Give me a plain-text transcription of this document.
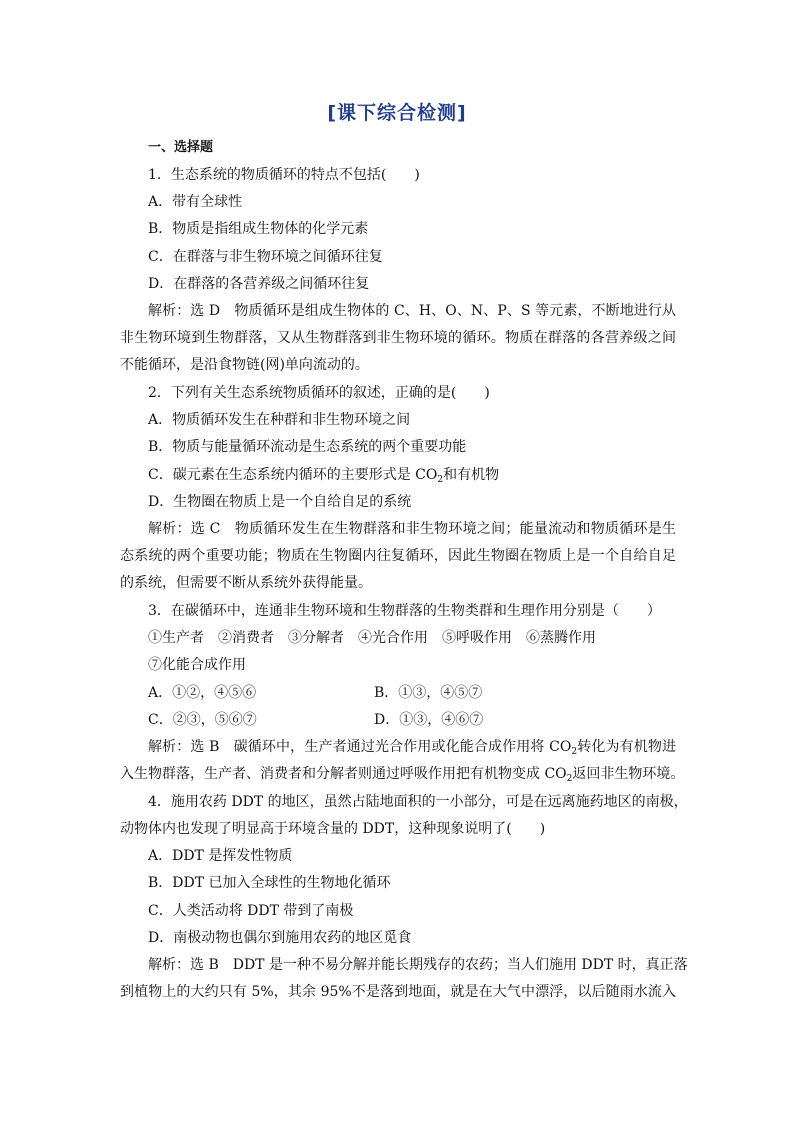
[课下综合检测]
一、选择题
1．生态系统的物质循环的特点不包括(　　)
A．带有全球性
B．物质是指组成生物体的化学元素
C．在群落与非生物环境之间循环往复
D．在群落的各营养级之间循环往复
解析：选 D　物质循环是组成生物体的 C、H、O、N、P、S 等元素，不断地进行从
非生物环境到生物群落，又从生物群落到非生物环境的循环。物质在群落的各营养级之间
不能循环，是沿食物链(网)单向流动的。
2．下列有关生态系统物质循环的叙述，正确的是(　　)
A．物质循环发生在种群和非生物环境之间
B．物质与能量循环流动是生态系统的两个重要功能
C．碳元素在生态系统内循环的主要形式是 $CO_2$和有机物
D．生物圈在物质上是一个自给自足的系统
解析：选 C　物质循环发生在生物群落和非生物环境之间；能量流动和物质循环是生
态系统的两个重要功能；物质在生物圈内往复循环，因此生物圈在物质上是一个自给自足
的系统，但需要不断从系统外获得能量。
3．在碳循环中，连通非生物环境和生物群落的生物类群和生理作用分别是（　　）
①生产者　②消费者　③分解者　④光合作用　⑤呼吸作用　⑥蒸腾作用
⑦化能合成作用
A．①②，④⑤⑥	B．①③，④⑤⑦
C．②③，⑤⑥⑦	D．①③，④⑥⑦
解析：选 B　碳循环中，生产者通过光合作用或化能合成作用将 $CO_2$转化为有机物进
入生物群落，生产者、消费者和分解者则通过呼吸作用把有机物变成 $CO_2$返回非生物环境。
4．施用农药 DDT 的地区，虽然占陆地面积的一小部分，可是在远离施药地区的南极，
动物体内也发现了明显高于环境含量的 DDT，这种现象说明了(　　)
A．DDT 是挥发性物质
B．DDT 已加入全球性的生物地化循环
C．人类活动将 DDT 带到了南极
D．南极动物也偶尔到施用农药的地区觅食
解析：选 B　DDT 是一种不易分解并能长期残存的农药；当人们施用 DDT 时，真正落
到植物上的大约只有 5%，其余 95%不是落到地面，就是在大气中漂浮，以后随雨水流入
